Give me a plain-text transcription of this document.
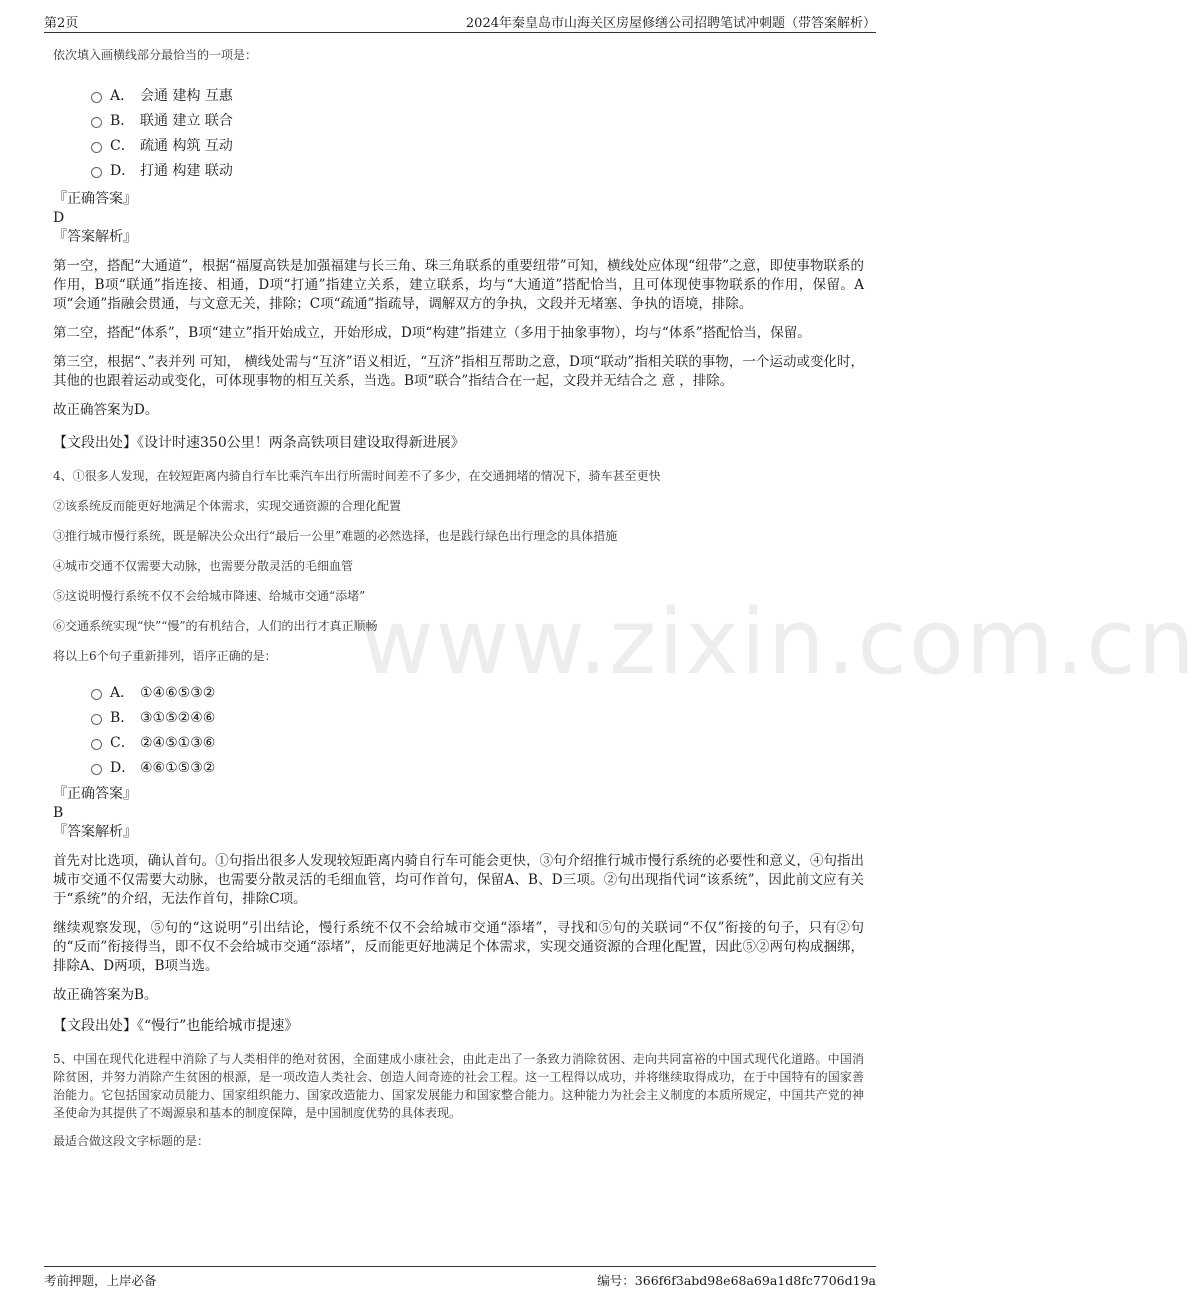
第2页	2024年秦皇岛市山海关区房屋修缮公司招聘笔试冲刺题（带答案解析）
www.zixin.com.cn
依次填入画横线部分最恰当的一项是：
A． 会通 建构 互惠
B． 联通 建立 联合
C． 疏通 构筑 互动
D． 打通 构建 联动
『正确答案』
D
『答案解析』
第一空，搭配“大通道”，根据“福厦高铁是加强福建与长三角、珠三角联系的重要纽带”可知，横线处应体现“纽带”之意，即使事物联系的作用，B项“联通”指连接、相通，D项“打通”指建立关系，建立联系，均与“大通道”搭配恰当，且可体现使事物联系的作用，保留。A项“会通”指融会贯通，与文意无关，排除；C项“疏通”指疏导，调解双方的争执，文段并无堵塞、争执的语境，排除。
第二空，搭配“体系”，B项“建立”指开始成立，开始形成，D项“构建”指建立（多用于抽象事物），均与“体系”搭配恰当，保留。
第三空，根据“、”表并列 可知， 横线处需与“互济”语义相近，“互济”指相互帮助之意，D项“联动”指相关联的事物，一个运动或变化时，其他的也跟着运动或变化，可体现事物的相互关系，当选。B项“联合”指结合在一起，文段并无结合之 意 ，排除。
故正确答案为D。
【文段出处】《设计时速350公里！两条高铁项目建设取得新进展》
4、①很多人发现，在较短距离内骑自行车比乘汽车出行所需时间差不了多少，在交通拥堵的情况下，骑车甚至更快
②该系统反而能更好地满足个体需求，实现交通资源的合理化配置
③推行城市慢行系统，既是解决公众出行“最后一公里”难题的必然选择，也是践行绿色出行理念的具体措施
④城市交通不仅需要大动脉，也需要分散灵活的毛细血管
⑤这说明慢行系统不仅不会给城市降速、给城市交通“添堵”
⑥交通系统实现“快”“慢”的有机结合，人们的出行才真正顺畅
将以上6个句子重新排列，语序正确的是：
A． ①④⑥⑤③②
B． ③①⑤②④⑥
C． ②④⑤①③⑥
D． ④⑥①⑤③②
『正确答案』
B
『答案解析』
首先对比选项，确认首句。①句指出很多人发现较短距离内骑自行车可能会更快，③句介绍推行城市慢行系统的必要性和意义，④句指出城市交通不仅需要大动脉，也需要分散灵活的毛细血管，均可作首句，保留A、B、D三项。②句出现指代词“该系统”，因此前文应有关于“系统”的介绍，无法作首句，排除C项。
继续观察发现，⑤句的“这说明”引出结论，慢行系统不仅不会给城市交通“添堵”，寻找和⑤句的关联词“不仅”衔接的句子，只有②句的“反而”衔接得当，即不仅不会给城市交通“添堵”，反而能更好地满足个体需求，实现交通资源的合理化配置，因此⑤②两句构成捆绑，排除A、D两项，B项当选。
故正确答案为B。
【文段出处】《“慢行”也能给城市提速》
5、中国在现代化进程中消除了与人类相伴的绝对贫困，全面建成小康社会，由此走出了一条致力消除贫困、走向共同富裕的中国式现代化道路。中国消除贫困，并努力消除产生贫困的根源，是一项改造人类社会、创造人间奇迹的社会工程。这一工程得以成功，并将继续取得成功，在于中国特有的国家善治能力。它包括国家动员能力、国家组织能力、国家改造能力、国家发展能力和国家整合能力。这种能力为社会主义制度的本质所规定，中国共产党的神圣使命为其提供了不竭源泉和基本的制度保障，是中国制度优势的具体表现。
最适合做这段文字标题的是：
考前押题，上岸必备	编号：366f6f3abd98e68a69a1d8fc7706d19a
